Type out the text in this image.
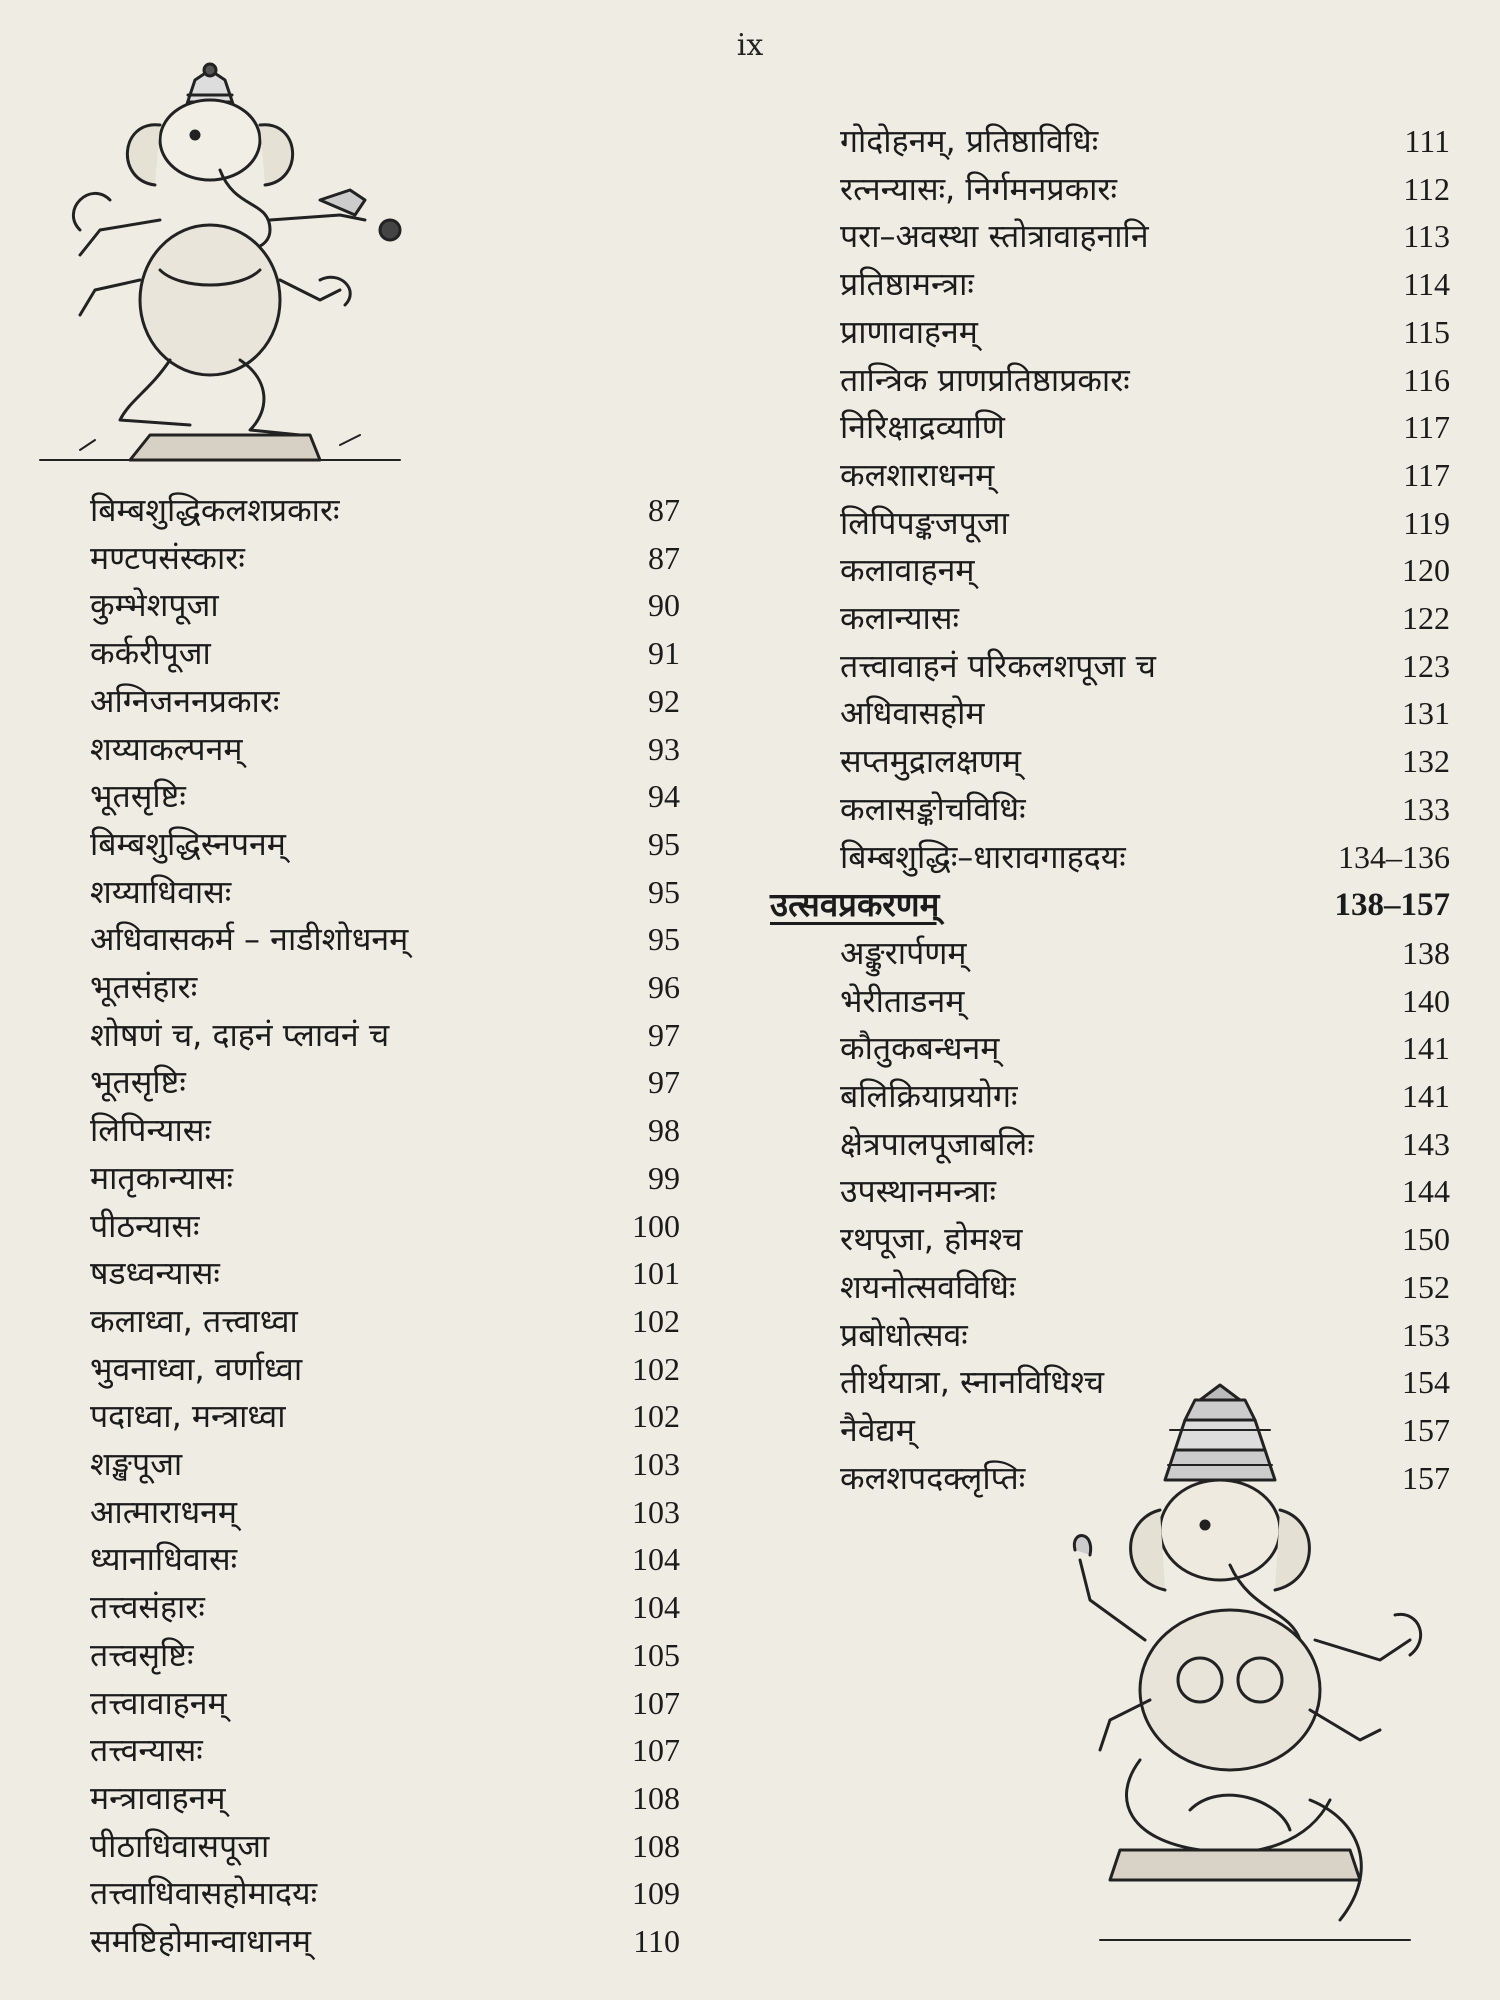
ix
बिम्बशुद्धिकलशप्रकारः	87
मण्टपसंस्कारः	87
कुम्भेशपूजा	90
कर्करीपूजा	91
अग्निजननप्रकारः	92
शय्याकल्पनम्	93
भूतसृष्टिः	94
बिम्बशुद्धिस्नपनम्	95
शय्याधिवासः	95
अधिवासकर्म – नाडीशोधनम्	95
भूतसंहारः	96
शोषणं च, दाहनं प्लावनं च	97
भूतसृष्टिः	97
लिपिन्यासः	98
मातृकान्यासः	99
पीठन्यासः	100
षडध्वन्यासः	101
कलाध्वा, तत्त्वाध्वा	102
भुवनाध्वा, वर्णाध्वा	102
पदाध्वा, मन्त्राध्वा	102
शङ्खपूजा	103
आत्माराधनम्	103
ध्यानाधिवासः	104
तत्त्वसंहारः	104
तत्त्वसृष्टिः	105
तत्त्वावाहनम्	107
तत्त्वन्यासः	107
मन्त्रावाहनम्	108
पीठाधिवासपूजा	108
तत्त्वाधिवासहोमादयः	109
समष्टिहोमान्वाधानम्	110
गोदोहनम्, प्रतिष्ठाविधिः	111
रत्नन्यासः, निर्गमनप्रकारः	112
परा–अवस्था स्तोत्रावाहनानि	113
प्रतिष्ठामन्त्राः	114
प्राणावाहनम्	115
तान्त्रिक प्राणप्रतिष्ठाप्रकारः	116
निरिक्षाद्रव्याणि	117
कलशाराधनम्	117
लिपिपङ्कजपूजा	119
कलावाहनम्	120
कलान्यासः	122
तत्त्वावाहनं परिकलशपूजा च	123
अधिवासहोम	131
सप्तमुद्रालक्षणम्	132
कलासङ्कोचविधिः	133
बिम्बशुद्धिः–धारावगाहदयः	134–136
उत्सवप्रकरणम्	138–157
अङ्कुरार्पणम्	138
भेरीताडनम्	140
कौतुकबन्धनम्	141
बलिक्रियाप्रयोगः	141
क्षेत्रपालपूजाबलिः	143
उपस्थानमन्त्राः	144
रथपूजा, होमश्च	150
शयनोत्सवविधिः	152
प्रबोधोत्सवः	153
तीर्थयात्रा, स्नानविधिश्च	154
नैवेद्यम्	157
कलशपदक्लृप्तिः	157
